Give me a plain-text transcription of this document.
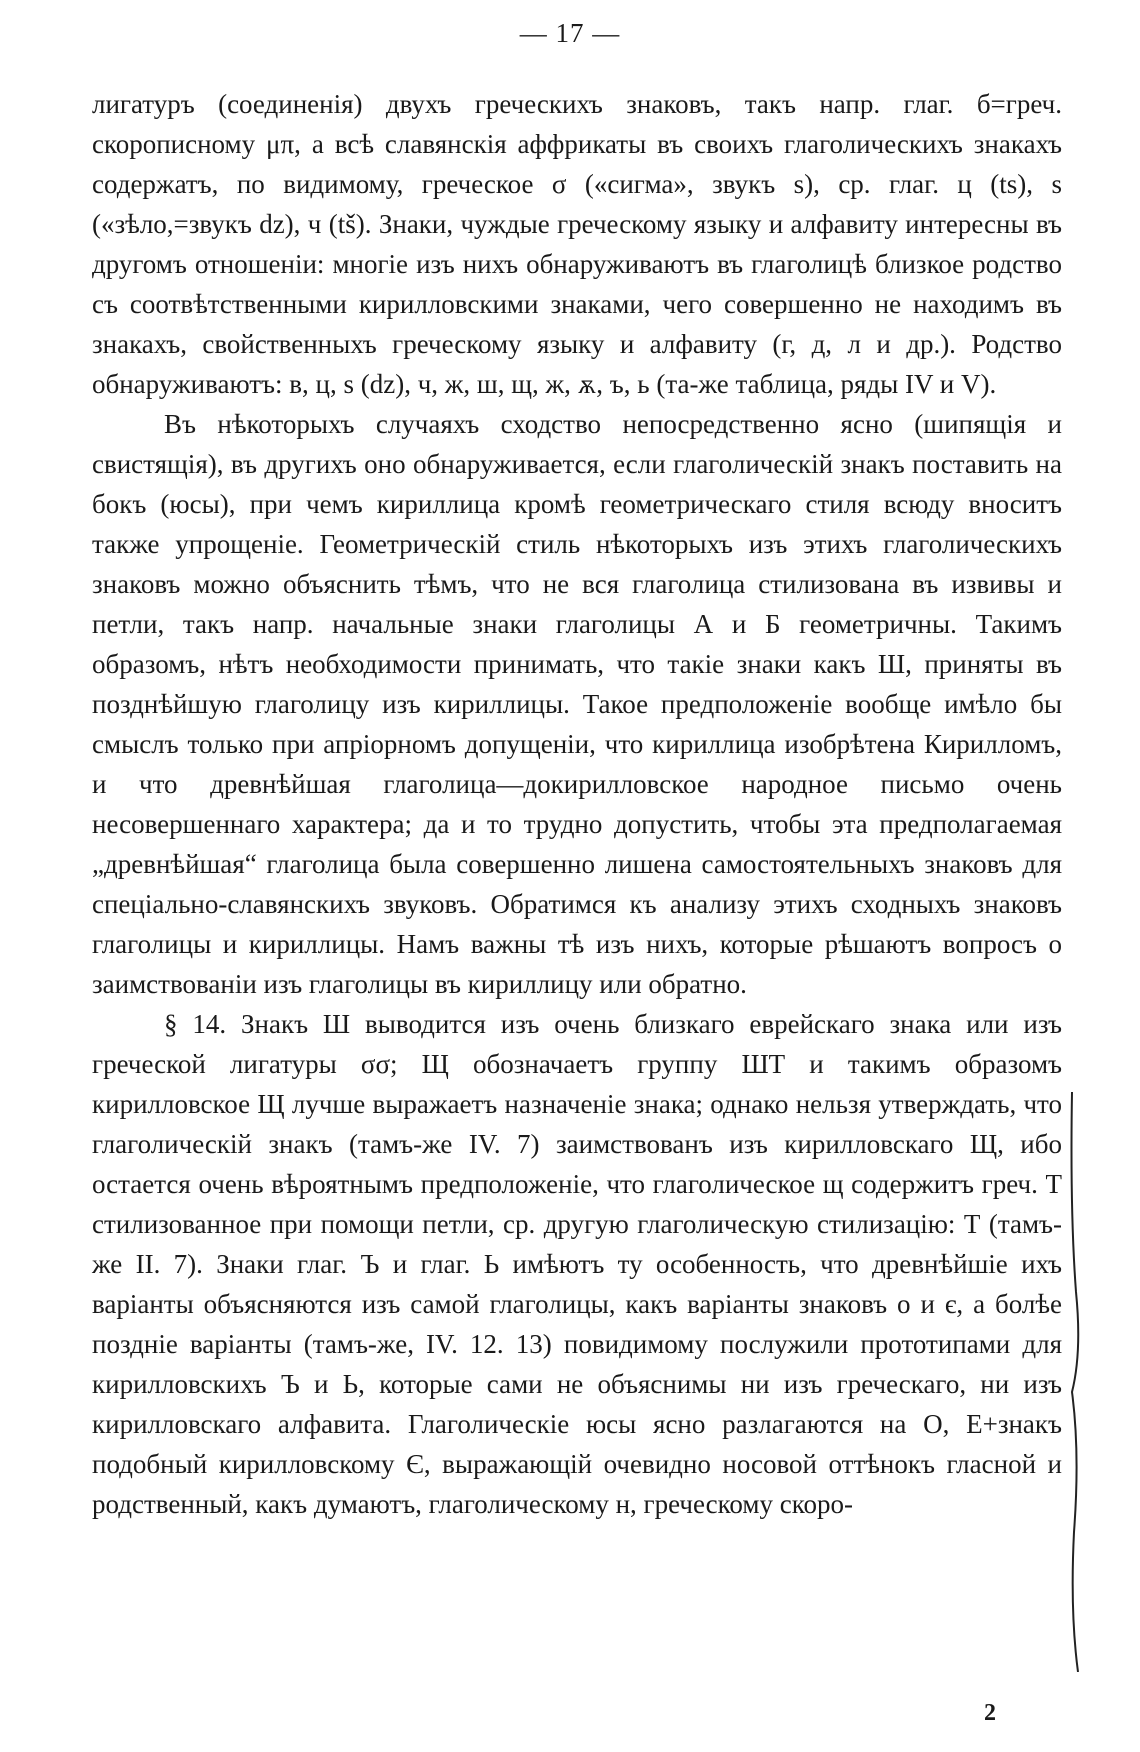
— 17 —

лигатуръ (соединенія) двухъ греческихъ знаковъ, такъ напр. глаг. б=греч. скорописному μπ, а всѣ славянскія аффрикаты въ своихъ глаголическихъ знакахъ содержатъ, по видимому, греческое σ («сигма», звукъ s), ср. глаг. ц (ts), s («зѣло,=звукъ dz), ч (tš). Знаки, чуждые греческому языку и алфавиту интересны въ другомъ отношеніи: многіе изъ нихъ обнаруживаютъ въ глаголицѣ близкое родство съ соотвѣтственными кирилловскими знаками, чего совершенно не находимъ въ знакахъ, свойственныхъ греческому языку и алфавиту (г, д, л и др.). Родство обнаруживаютъ: в, ц, s (dz), ч, ж, ш, щ, ж, ѫ, ъ, ь (та-же таблица, ряды IV и V).

Въ нѣкоторыхъ случаяхъ сходство непосредственно ясно (шипящія и свистящія), въ другихъ оно обнаруживается, если глаголическій знакъ поставить на бокъ (юсы), при чемъ кириллица кромѣ геометрическаго стиля всюду вноситъ также упрощеніе. Геометрическій стиль нѣкоторыхъ изъ этихъ глаголическихъ знаковъ можно объяснить тѣмъ, что не вся глаголица стилизована въ извивы и петли, такъ напр. начальные знаки глаголицы А и Б геометричны. Такимъ образомъ, нѣтъ необходимости принимать, что такіе знаки какъ Ш, приняты въ позднѣйшую глаголицу изъ кириллицы. Такое предположеніе вообще имѣло бы смыслъ только при апріорномъ допущеніи, что кириллица изобрѣтена Кирилломъ, и что древнѣйшая глаголица—докирилловское народное письмо очень несовершеннаго характера; да и то трудно допустить, чтобы эта предполагаемая „древнѣйшая“ глаголица была совершенно лишена самостоятельныхъ знаковъ для спеціально-славянскихъ звуковъ. Обратимся къ анализу этихъ сходныхъ знаковъ глаголицы и кириллицы. Намъ важны тѣ изъ нихъ, которые рѣшаютъ вопросъ о заимствованіи изъ глаголицы въ кириллицу или обратно.

§ 14. Знакъ Ш выводится изъ очень близкаго еврейскаго знака или изъ греческой лигатуры σσ; Щ обозначаетъ группу ШТ и такимъ образомъ кирилловское Щ лучше выражаетъ назначеніе знака; однако нельзя утверждать, что глаголическій знакъ (тамъ-же IV. 7) заимствованъ изъ кирилловскаго Щ, ибо остается очень вѣроятнымъ предположеніе, что глаголическое щ содержитъ греч. Т стилизованное при помощи петли, ср. другую глаголическую стилизацію: Т (тамъ-же II. 7). Знаки глаг. Ъ и глаг. Ь имѣютъ ту особенность, что древнѣйшіе ихъ варіанты объясняются изъ самой глаголицы, какъ варіанты знаковъ о и є, а болѣе поздніе варіанты (тамъ-же, IV. 12. 13) повидимому послужили прототипами для кирилловскихъ Ъ и Ь, которые сами не объяснимы ни изъ греческаго, ни изъ кирилловскаго алфавита. Глаголическіе юсы ясно разлагаются на О, Е+знакъ подобный кирилловскому Є, выражающій очевидно носовой оттѣнокъ гласной и родственный, какъ думаютъ, глаголическому н, греческому скоро-

2
